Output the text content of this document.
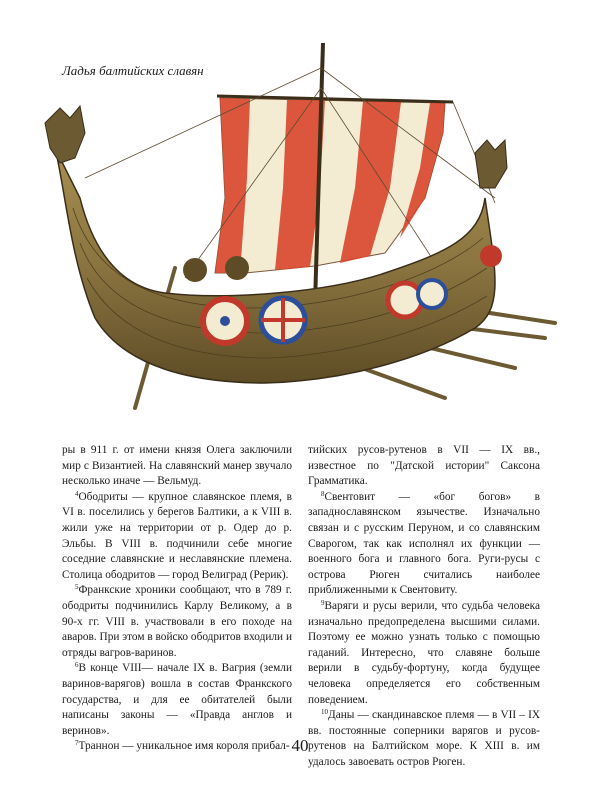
Ладья балтийских славян

ры в 911 г. от имени князя Олега заключили мир с Византией. На славянский манер звучало несколько иначе — Вельмуд.

$^4$Ободриты — крупное славянское племя, в VI в. поселились у берегов Балтики, а к VIII в. жили уже на территории от р. Одер до р. Эльбы. В VIII в. подчинили себе многие соседние славянские и неславянские племена. Столица ободритов — город Велиград (Рерик).

$^5$Франкские хроники сообщают, что в 789 г. ободриты подчинились Карлу Великому, а в 90-х гг. VIII в. участвовали в его походе на аваров. При этом в войско ободритов входили и отряды вагров-варинов.

$^6$В конце VIII— начале IX в. Вагрия (земли варинов-варягов) вошла в состав Франкского государства, и для ее обитателей были написаны законы — «Правда англов и веринов».

$^7$Траннон — уникальное имя короля прибал-

тийских русов-рутенов в VII — IX вв., известное по "Датской истории" Саксона Грамматика.

$^8$Свентовит — «бог богов» в западнославянском язычестве. Изначально связан и с русским Перуном, и со славянским Сварогом, так как исполнял их функции — военного бога и главного бога. Руги-русы с острова Рюген считались наиболее приближенными к Свентовиту.

$^9$Варяги и русы верили, что судьба человека изначально предопределена высшими силами. Поэтому ее можно узнать только с помощью гаданий. Интересно, что славяне больше верили в судьбу-фортуну, когда будущее человека определяется его собственным поведением.

$^{10}$Даны — скандинавское племя — в VII – IX вв. постоянные соперники варягов и русов-рутенов на Балтийском море. К XIII в. им удалось завоевать остров Рюген.

40
